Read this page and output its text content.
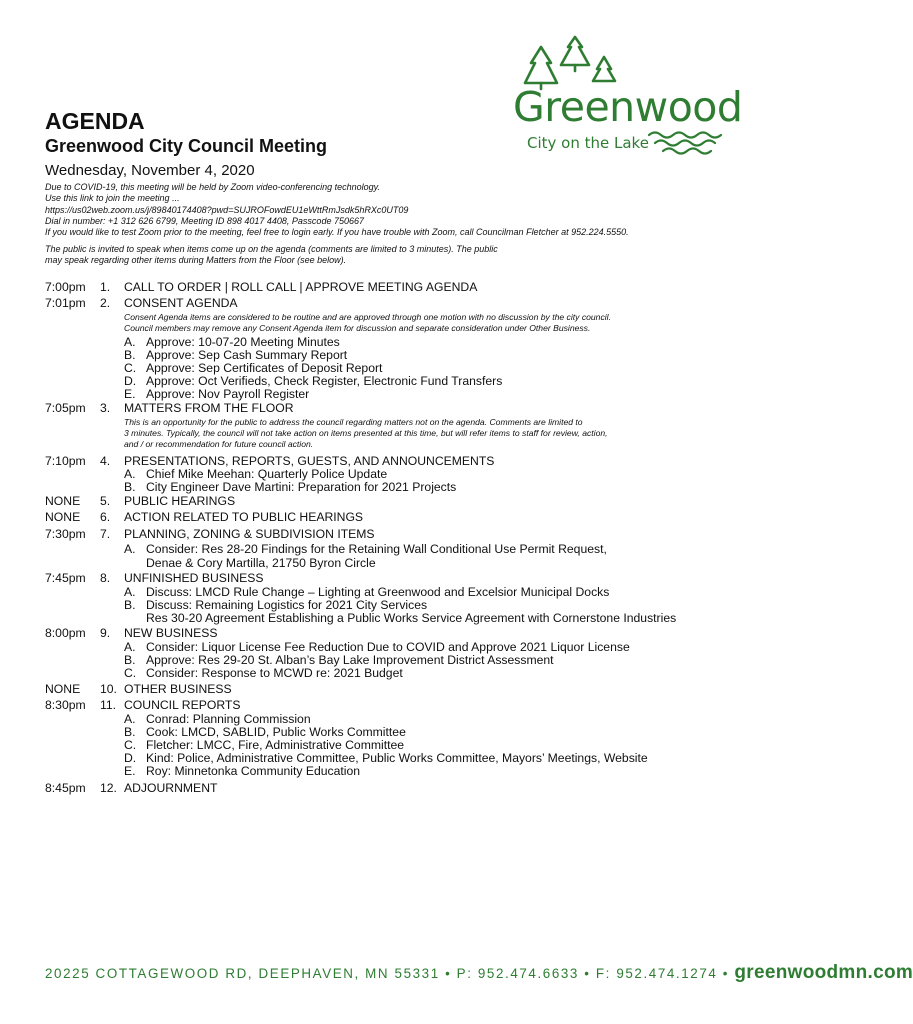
Greenwood
City on the Lake
AGENDA
Greenwood City Council Meeting
Wednesday, November 4, 2020
Due to COVID-19, this meeting will be held by Zoom video-conferencing technology.
Use this link to join the meeting ...
https://us02web.zoom.us/j/89840174408?pwd=SUJROFowdEU1eWttRmJsdk5hRXc0UT09
Dial in number: +1 312 626 6799, Meeting ID 898 4017 4408, Passcode 750667
If you would like to test Zoom prior to the meeting, feel free to login early. If you have trouble with Zoom, call Councilman Fletcher at 952.224.5550.
The public is invited to speak when items come up on the agenda (comments are limited to 3 minutes). The public
may speak regarding other items during Matters from the Floor (see below).
7:00pm 1.	CALL TO ORDER | ROLL CALL | APPROVE MEETING AGENDA
7:01pm 2.	CONSENT AGENDA
Consent Agenda items are considered to be routine and are approved through one motion with no discussion by the city council.
Council members may remove any Consent Agenda item for discussion and separate consideration under Other Business.
A. Approve: 10-07-20 Meeting Minutes
B. Approve: Sep Cash Summary Report
C. Approve: Sep Certificates of Deposit Report
D. Approve: Oct Verifieds, Check Register, Electronic Fund Transfers
E. Approve: Nov Payroll Register
7:05pm 3.	MATTERS FROM THE FLOOR
This is an opportunity for the public to address the council regarding matters not on the agenda. Comments are limited to
3 minutes. Typically, the council will not take action on items presented at this time, but will refer items to staff for review, action,
and / or recommendation for future council action.
7:10pm 4.	PRESENTATIONS, REPORTS, GUESTS, AND ANNOUNCEMENTS
A. Chief Mike Meehan: Quarterly Police Update
B. City Engineer Dave Martini: Preparation for 2021 Projects
NONE 5.	PUBLIC HEARINGS
NONE 6.	ACTION RELATED TO PUBLIC HEARINGS
7:30pm 7.	PLANNING, ZONING & SUBDIVISION ITEMS
A. Consider: Res 28-20 Findings for the Retaining Wall Conditional Use Permit Request,
Denae & Cory Martilla, 21750 Byron Circle
7:45pm 8.	UNFINISHED BUSINESS
A. Discuss: LMCD Rule Change – Lighting at Greenwood and Excelsior Municipal Docks
B. Discuss: Remaining Logistics for 2021 City Services
Res 30-20 Agreement Establishing a Public Works Service Agreement with Cornerstone Industries
8:00pm 9.	NEW BUSINESS
A. Consider: Liquor License Fee Reduction Due to COVID and Approve 2021 Liquor License
B. Approve: Res 29-20 St. Alban’s Bay Lake Improvement District Assessment
C. Consider: Response to MCWD re: 2021 Budget
NONE 10. OTHER BUSINESS
8:30pm 11. COUNCIL REPORTS
A. Conrad: Planning Commission
B. Cook: LMCD, SABLID, Public Works Committee
C. Fletcher: LMCC, Fire, Administrative Committee
D. Kind: Police, Administrative Committee, Public Works Committee, Mayors’ Meetings, Website
E. Roy: Minnetonka Community Education
8:45pm 12. ADJOURNMENT
20225 COTTAGEWOOD RD, DEEPHAVEN, MN 55331 • P: 952.474.6633 • F: 952.474.1274 • greenwoodmn.com
